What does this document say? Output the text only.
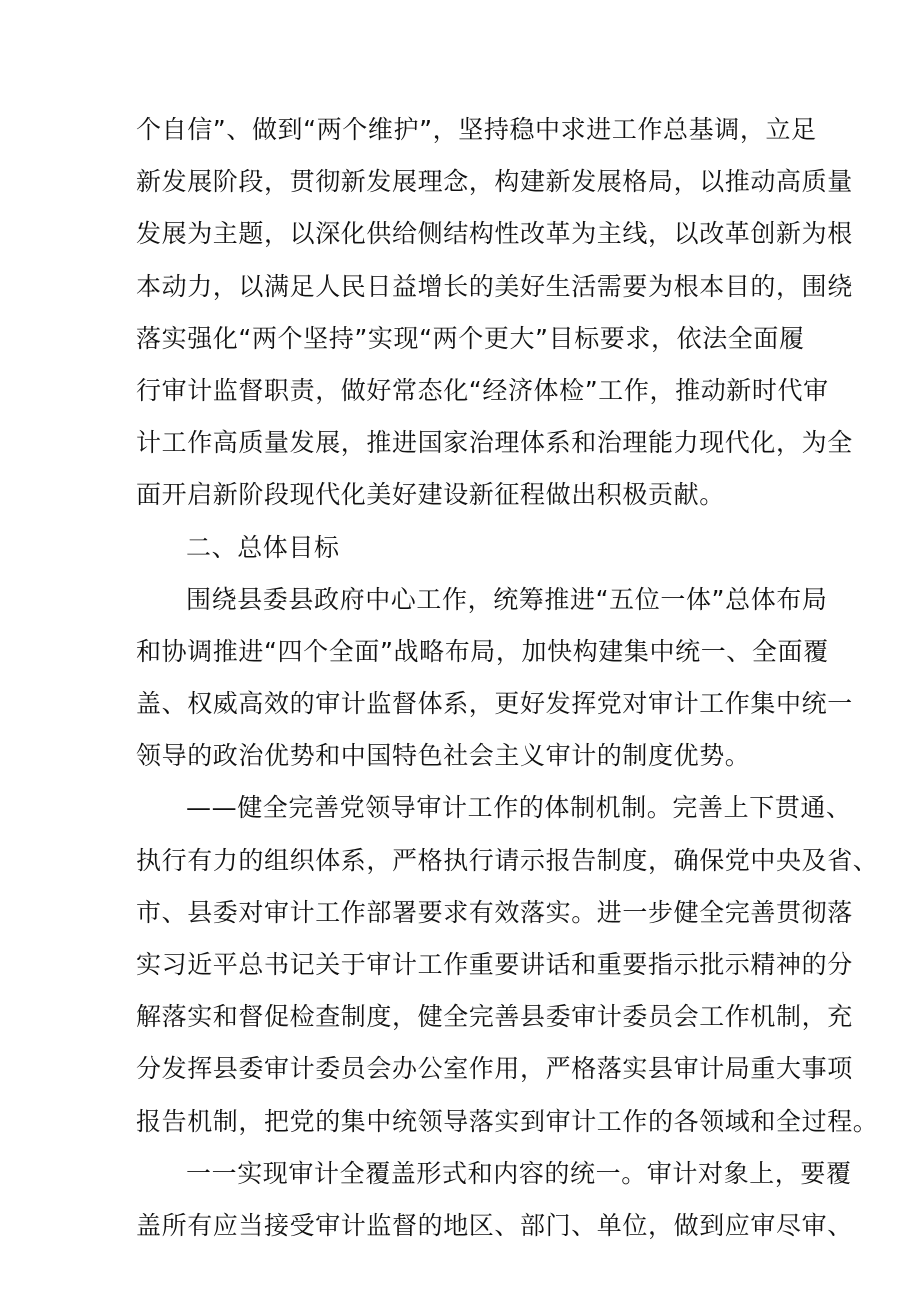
个自信”、做到“两个维护”，坚持稳中求进工作总基调，立足
新发展阶段，贯彻新发展理念，构建新发展格局，以推动高质量
发展为主题，以深化供给侧结构性改革为主线，以改革创新为根
本动力，以满足人民日益增长的美好生活需要为根本目的，围绕
落实强化“两个坚持”实现“两个更大”目标要求，依法全面履
行审计监督职责，做好常态化“经济体检”工作，推动新时代审
计工作高质量发展，推进国家治理体系和治理能力现代化，为全
面开启新阶段现代化美好建设新征程做出积极贡献。
二、总体目标
围绕县委县政府中心工作，统筹推进“五位一体”总体布局
和协调推进“四个全面”战略布局，加快构建集中统一、全面覆
盖、权威高效的审计监督体系，更好发挥党对审计工作集中统一
领导的政治优势和中国特色社会主义审计的制度优势。
——健全完善党领导审计工作的体制机制。完善上下贯通、
执行有力的组织体系，严格执行请示报告制度，确保党中央及省、
市、县委对审计工作部署要求有效落实。进一步健全完善贯彻落
实习近平总书记关于审计工作重要讲话和重要指示批示精神的分
解落实和督促检查制度，健全完善县委审计委员会工作机制，充
分发挥县委审计委员会办公室作用，严格落实县审计局重大事项
报告机制，把党的集中统领导落实到审计工作的各领域和全过程。
一一实现审计全覆盖形式和内容的统一。审计对象上，要覆
盖所有应当接受审计监督的地区、部门、单位，做到应审尽审、
